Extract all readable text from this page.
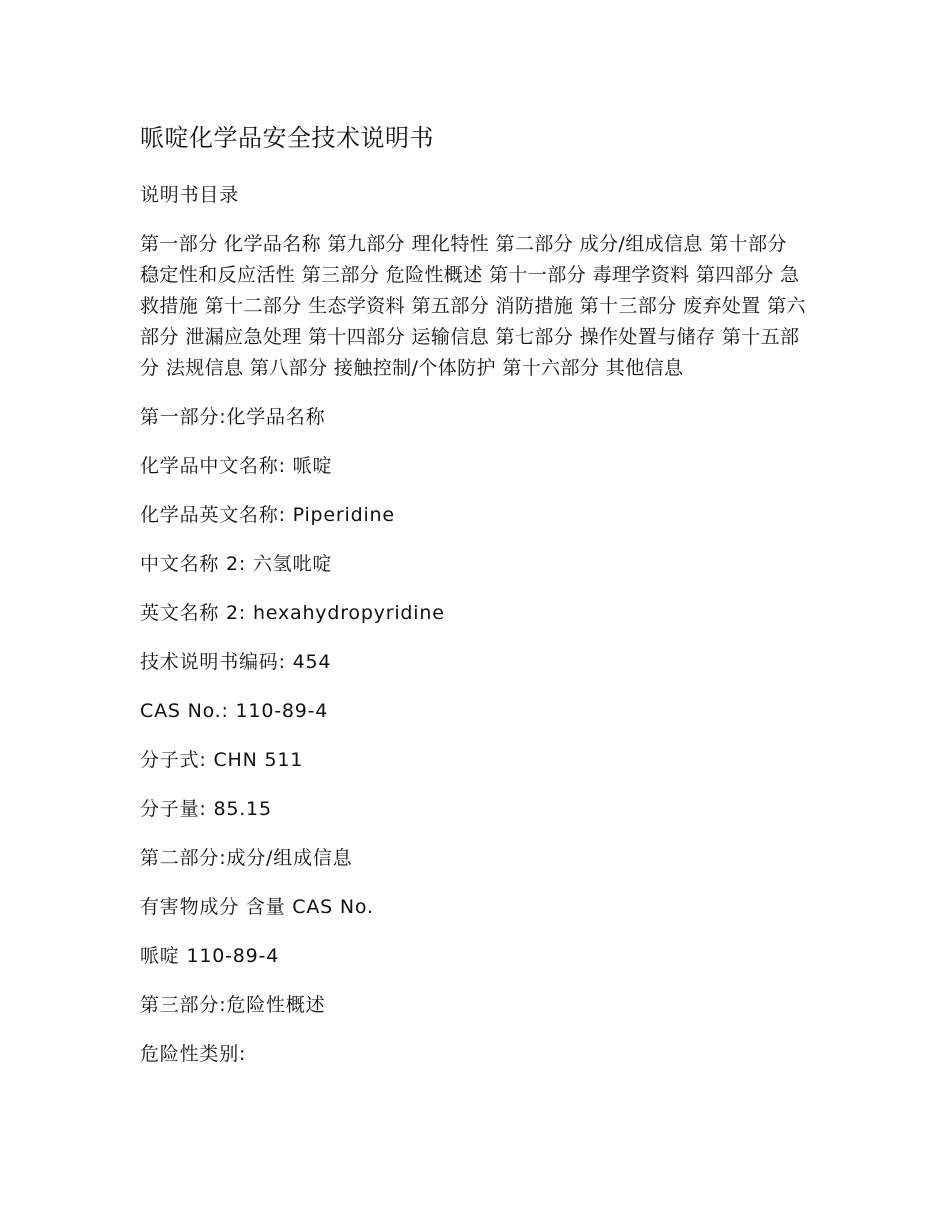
哌啶化学品安全技术说明书

说明书目录

第一部分 化学品名称 第九部分 理化特性 第二部分 成分/组成信息 第十部分 稳定性和反应活性 第三部分 危险性概述 第十一部分 毒理学资料 第四部分 急救措施 第十二部分 生态学资料 第五部分 消防措施 第十三部分 废弃处置 第六部分 泄漏应急处理 第十四部分 运输信息 第七部分 操作处置与储存 第十五部分 法规信息 第八部分 接触控制/个体防护 第十六部分 其他信息

第一部分:化学品名称

化学品中文名称: 哌啶

化学品英文名称: Piperidine

中文名称 2: 六氢吡啶

英文名称 2: hexahydropyridine

技术说明书编码: 454

CAS No.: 110-89-4

分子式: CHN 511

分子量: 85.15

第二部分:成分/组成信息

有害物成分 含量 CAS No.

哌啶 110-89-4

第三部分:危险性概述

危险性类别:
